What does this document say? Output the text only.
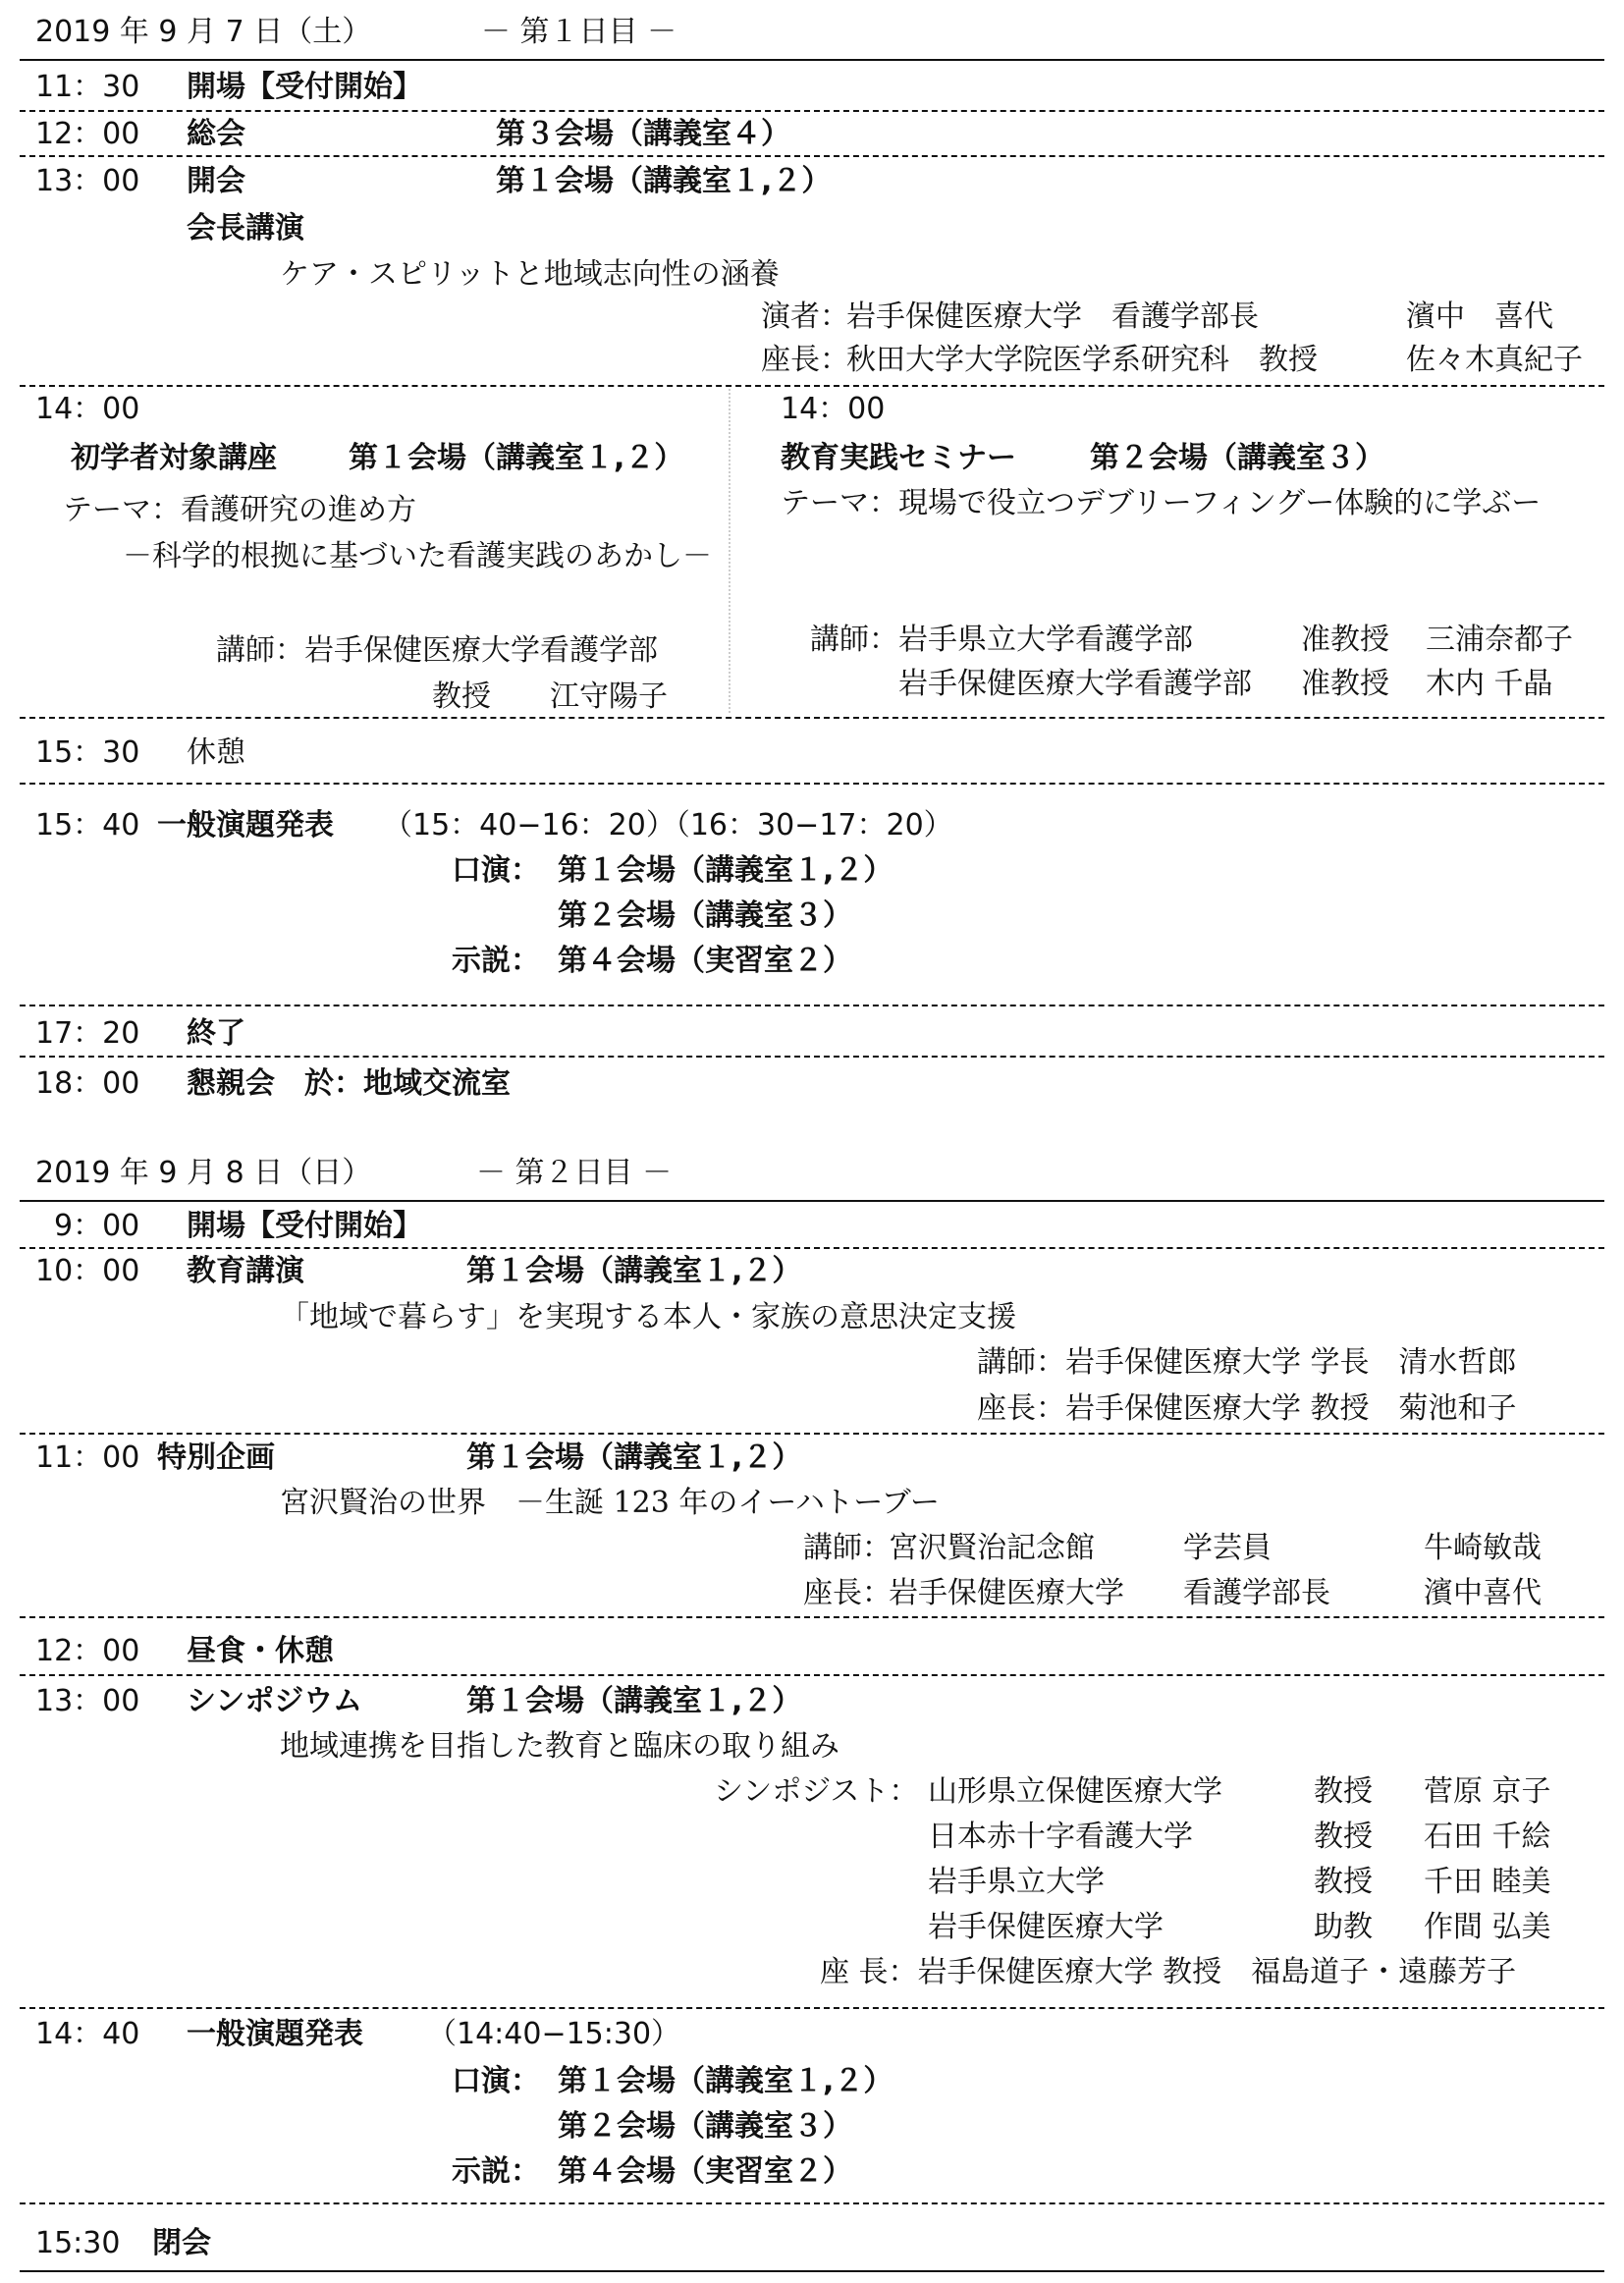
2019 年 9 月 7 日（土）	－ 第１日目 －
11：30 開場【受付開始】
12：00 総会	第３会場（講義室４）
13：00 開会	第１会場（講義室１,２）
会長講演
ケア・スピリットと地域志向性の涵養
演者：
岩手保健医療大学　看護学部長	濱中　喜代
座長：
秋田大学大学院医学系研究科　教授	佐々木真紀子
14：00
初学者対象講座 第１会場（講義室１,２）
テーマ：看護研究の進め方
－科学的根拠に基づいた看護実践のあかし－
講師：岩手保健医療大学看護学部
教授　　江守陽子
14：00
教育実践セミナー	第２会場（講義室３）
テーマ：現場で役立つデブリーフィングー体験的に学ぶー
講師： 岩手県立大学看護学部	准教授 三浦奈都子
岩手保健医療大学看護学部 准教授 木内 千晶
15：30 休憩
15：40 一般演題発表 （15：40−16：20）（16：30−17：20）
口演： 第１会場（講義室１,２）
第２会場（講義室３）
示説： 第４会場（実習室２）
17：20 終了
18：00 懇親会　於：地域交流室
2019 年 9 月 8 日（日）	－ 第２日目 －
9：00 開場【受付開始】
10：00 教育講演	第１会場（講義室１,２）
「地域で暮らす」を実現する本人・家族の意思決定支援
講師：岩手保健医療大学 学長　清水哲郎
座長：岩手保健医療大学 教授　菊池和子
11：00 特別企画	第１会場（講義室１,２）
宮沢賢治の世界　－生誕 123 年のイーハトーブー
講師：
宮沢賢治記念館	学芸員	牛崎敏哉
座長：
岩手保健医療大学 看護学部長	濱中喜代
12：00 昼食・休憩
13：00 シンポジウム	第１会場（講義室１,２）
地域連携を目指した教育と臨床の取り組み
シンポジスト： 山形県立保健医療大学	教授 菅原 京子
日本赤十字看護大学	教授 石田 千絵
岩手県立大学	教授 千田 睦美
岩手保健医療大学	助教 作間 弘美
座 長：岩手保健医療大学 教授　福島道子・遠藤芳子
14：40 一般演題発表 （14:40−15:30）
口演： 第１会場（講義室１,２）
第２会場（講義室３）
示説： 第４会場（実習室２）
15:30 閉会
